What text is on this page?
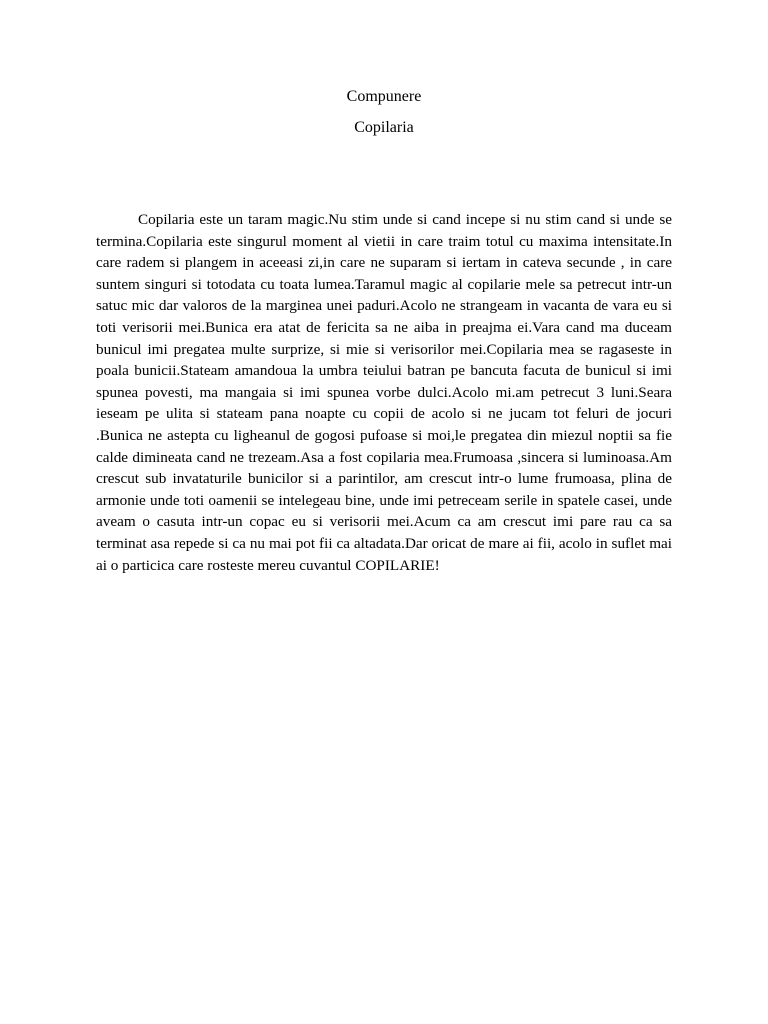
Compunere
Copilaria

Copilaria este un taram magic.Nu stim unde si cand incepe si nu stim cand si unde se termina.Copilaria este singurul moment al vietii in care traim totul cu maxima intensitate.In care radem si plangem in aceeasi zi,in care ne suparam si iertam in cateva secunde , in care suntem singuri si totodata cu toata lumea.Taramul magic al copilarie mele sa petrecut intr-un satuc mic dar valoros de la marginea unei paduri.Acolo ne strangeam in vacanta de vara eu si toti verisorii mei.Bunica era atat de fericita sa ne aiba in preajma ei.Vara cand ma duceam bunicul imi pregatea multe surprize, si mie si verisorilor mei.Copilaria mea se ragaseste in poala bunicii.Stateam amandoua la umbra teiului batran pe bancuta facuta de bunicul si imi spunea povesti, ma mangaia si imi spunea vorbe dulci.Acolo mi.am petrecut 3 luni.Seara ieseam pe ulita si stateam pana noapte cu copii de acolo si ne jucam tot feluri de jocuri .Bunica ne astepta cu ligheanul de gogosi pufoase si moi,le pregatea din miezul noptii sa fie calde dimineata cand ne trezeam.Asa a fost copilaria mea.Frumoasa ,sincera si luminoasa.Am crescut sub invataturile bunicilor si a parintilor, am crescut intr-o lume frumoasa, plina de armonie unde toti oamenii se intelegeau bine, unde imi petreceam serile in spatele casei, unde aveam o casuta intr-un copac eu si verisorii mei.Acum ca am crescut imi pare rau ca sa terminat asa repede si ca nu mai pot fii ca altadata.Dar oricat de mare ai fii, acolo in suflet mai ai o particica care rosteste mereu cuvantul COPILARIE!
